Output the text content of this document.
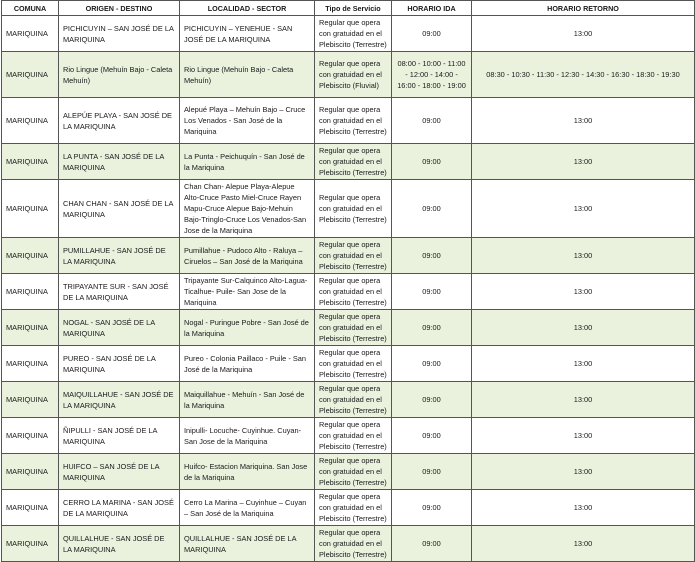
COMUNA	ORIGEN - DESTINO	LOCALIDAD - SECTOR	Tipo de Servicio	HORARIO IDA	HORARIO RETORNO
MARIQUINA	PICHICUYIN – SAN JOSÉ DE LA MARIQUINA	PICHICUYIN – YENEHUE - SAN JOSÉ DE LA MARIQUINA	Regular que opera con gratuidad en el Plebiscito (Terrestre)	09:00	13:00
MARIQUINA	Rio Lingue (Mehuín Bajo - Caleta Mehuín)	Rio Lingue (Mehuín Bajo - Caleta Mehuín)	Regular que opera con gratuidad en el Plebiscito (Fluvial)	08:00 - 10:00 - 11:00 - 12:00 - 14:00 - 16:00 - 18:00 - 19:00	08:30 - 10:30 - 11:30 - 12:30 - 14:30 - 16:30 - 18:30 - 19:30
MARIQUINA	ALEPÚE PLAYA - SAN JOSÉ DE LA MARIQUINA	Alepué Playa – Mehuín Bajo – Cruce Los Venados - San José de la Mariquina	Regular que opera con gratuidad en el Plebiscito (Terrestre)	09:00	13:00
MARIQUINA	LA PUNTA - SAN JOSÉ DE LA MARIQUINA	La Punta - Peichuquín - San José de la Mariquina	Regular que opera con gratuidad en el Plebiscito (Terrestre)	09:00	13:00
MARIQUINA	CHAN CHAN - SAN JOSÉ DE LA MARIQUINA	Chan Chan- Alepue Playa-Alepue Alto-Cruce Pasto Miel-Cruce Rayen Mapu-Cruce Alepue Bajo-Mehuin Bajo-Tringlo-Cruce Los Venados-San Jose de la Mariquina	Regular que opera con gratuidad en el Plebiscito (Terrestre)	09:00	13:00
MARIQUINA	PUMILLAHUE - SAN JOSÉ DE LA MARIQUINA	Pumillahue - Pudoco Alto - Raluya – Ciruelos – San José de la Mariquina	Regular que opera con gratuidad en el Plebiscito (Terrestre)	09:00	13:00
MARIQUINA	TRIPAYANTE SUR - SAN JOSÉ DE LA MARIQUINA	Tripayante Sur-Calquinco Alto-Lagua- Ticalhue- Puile- San Jose de la Mariquina	Regular que opera con gratuidad en el Plebiscito (Terrestre)	09:00	13:00
MARIQUINA	NOGAL - SAN JOSÉ DE LA MARIQUINA	Nogal - Puringue Pobre - San José de la Mariquina	Regular que opera con gratuidad en el Plebiscito (Terrestre)	09:00	13:00
MARIQUINA	PUREO - SAN JOSÉ DE LA MARIQUINA	Pureo - Colonia Paillaco - Puile - San José de la Mariquina	Regular que opera con gratuidad en el Plebiscito (Terrestre)	09:00	13:00
MARIQUINA	MAIQUILLAHUE - SAN JOSÉ DE LA MARIQUINA	Maiquillahue - Mehuín - San José de la Mariquina	Regular que opera con gratuidad en el Plebiscito (Terrestre)	09:00	13:00
MARIQUINA	ÑIPULLI - SAN JOSÉ DE LA MARIQUINA	Inipulli- Locuche- Cuyinhue. Cuyan- San Jose de la Mariquina	Regular que opera con gratuidad en el Plebiscito (Terrestre)	09:00	13:00
MARIQUINA	HUIFCO – SAN JOSÉ DE LA MARIQUINA	Huifco- Estacion Mariquina. San Jose de la Mariquina	Regular que opera con gratuidad en el Plebiscito (Terrestre)	09:00	13:00
MARIQUINA	CERRO LA MARINA - SAN JOSÉ DE LA MARIQUINA	Cerro La Marina – Cuyinhue – Cuyan – San José de la Mariquina	Regular que opera con gratuidad en el Plebiscito (Terrestre)	09:00	13:00
MARIQUINA	QUILLALHUE - SAN JOSÉ DE LA MARIQUINA	QUILLALHUE - SAN JOSÉ DE LA MARIQUINA	Regular que opera con gratuidad en el Plebiscito (Terrestre)	09:00	13:00
